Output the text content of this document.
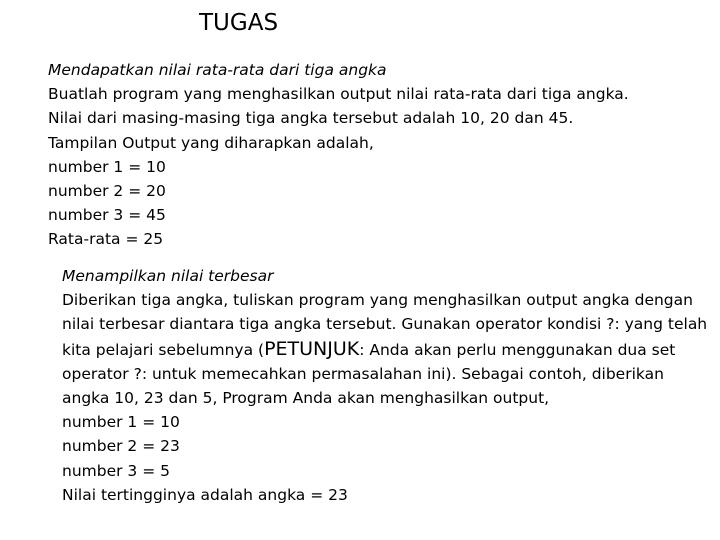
TUGAS
Mendapatkan nilai rata-rata dari tiga angka
Buatlah program yang menghasilkan output nilai rata-rata dari tiga angka.
Nilai dari masing-masing tiga angka tersebut adalah 10, 20 dan 45.
Tampilan Output yang diharapkan adalah,
number 1 = 10
number 2 = 20
number 3 = 45
Rata-rata = 25
Menampilkan nilai terbesar

Diberikan tiga angka, tuliskan program yang menghasilkan output angka dengan nilai terbesar diantara tiga angka tersebut. Gunakan operator kondisi ?: yang telah kita pelajari sebelumnya (PETUNJUK: Anda akan perlu menggunakan dua set operator ?: untuk memecahkan permasalahan ini). Sebagai contoh, diberikan angka 10, 23 dan 5, Program Anda akan menghasilkan output,

number 1 = 10
number 2 = 23
number 3 = 5
Nilai tertingginya adalah angka = 23
